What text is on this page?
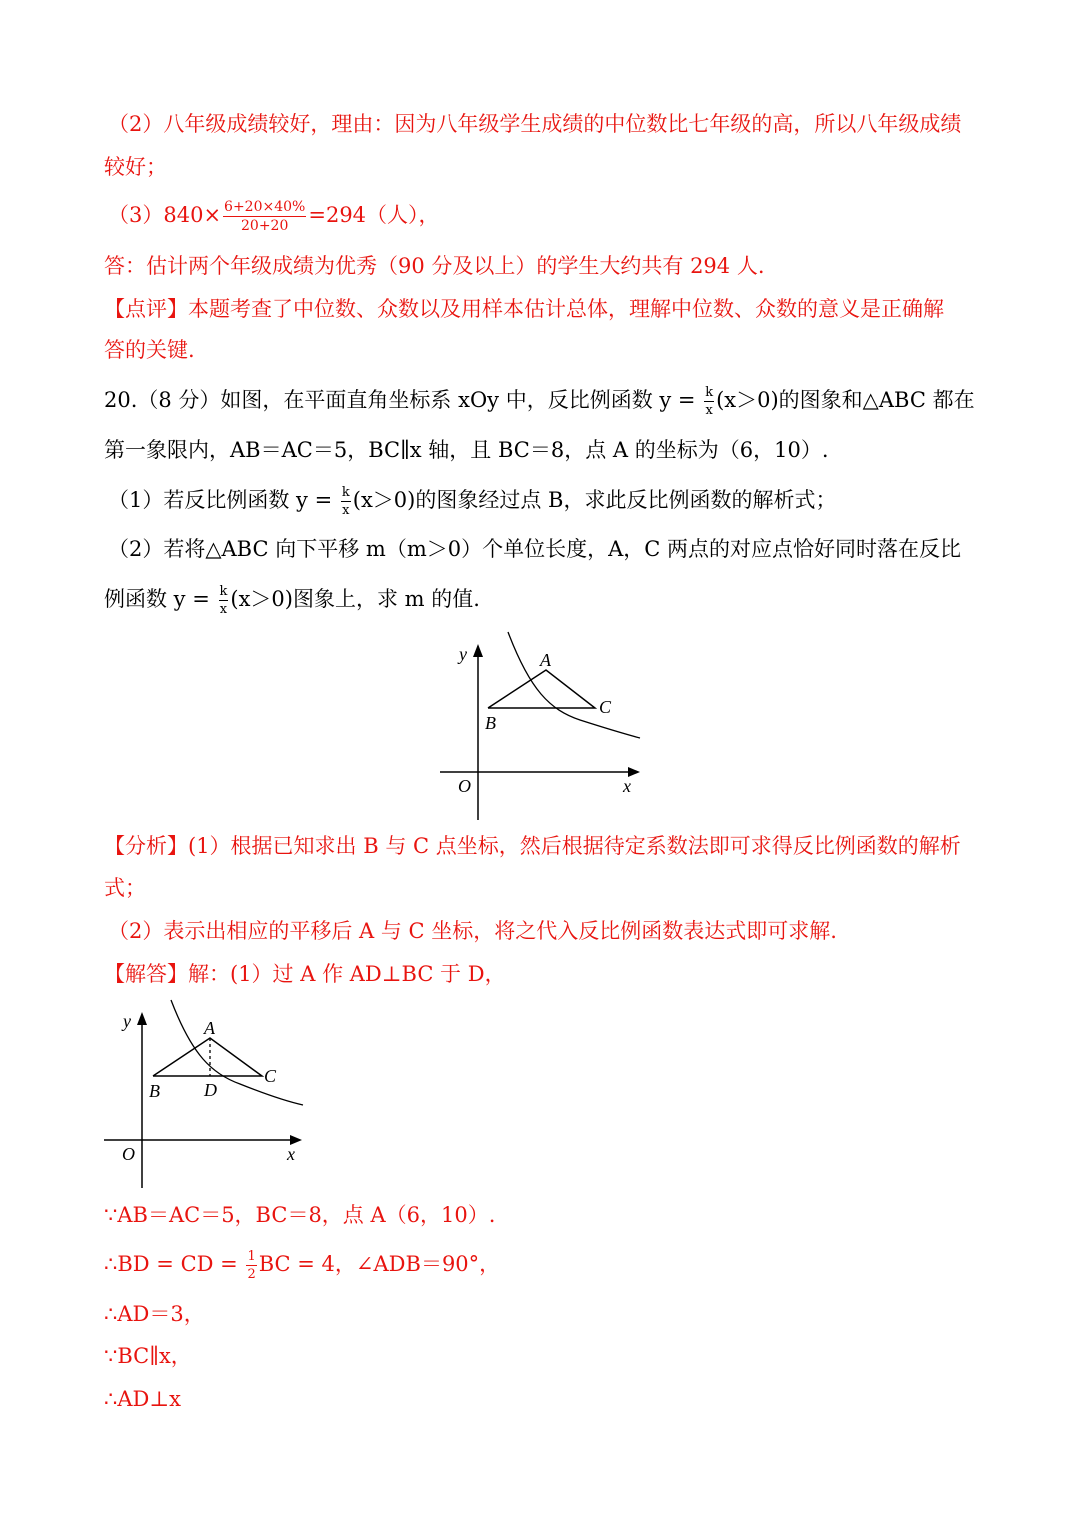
（2）八年级成绩较好，理由：因为八年级学生成绩的中位数比七年级的高，所以八年级成绩
较好；
$(3)840\times \frac{6+20\times 40\%}{20+20} =294$（人），
答：估计两个年级成绩为优秀（90 分及以上）的学生大约共有 294 人.
【点评】本题考查了中位数、众数以及用样本估计总体，理解中位数、众数的意义是正确解
答的关键.
20.（8 分）如图，在平面直角坐标系 xOy 中，反比例函数 $y = \frac{k}{x} (x>0)$的图象和△ABC 都在
第一象限内，AB＝AC＝5，BC∥x 轴，且 BC＝8，点 A 的坐标为（6，10）.
（1）若反比例函数 $y = \frac{k}{x} (x>0)$的图象经过点 B，求此反比例函数的解析式；
（2）若将△ABC 向下平移 m（m＞0）个单位长度，A，C 两点的对应点恰好同时落在反比
例函数 $y = \frac{k}{x} (x>0)$图象上，求 m 的值.
y	A
B
C
O	x
【分析】(1）根据已知求出 B 与 C 点坐标，然后根据待定系数法即可求得反比例函数的解析
式；
（2）表示出相应的平移后 A 与 C 坐标，将之代入反比例函数表达式即可求解.
【解答】解：(1）过 A 作 AD⊥BC 于 D，
y	A
B D
C
O	x
∵AB＝AC＝5，BC＝8，点 A（6，10）.
∴BD = CD = $\frac{1}{2}$ BC = 4，∠ADB＝90°，
∴AD＝3，
∵BC∥x，
∴AD⊥x
